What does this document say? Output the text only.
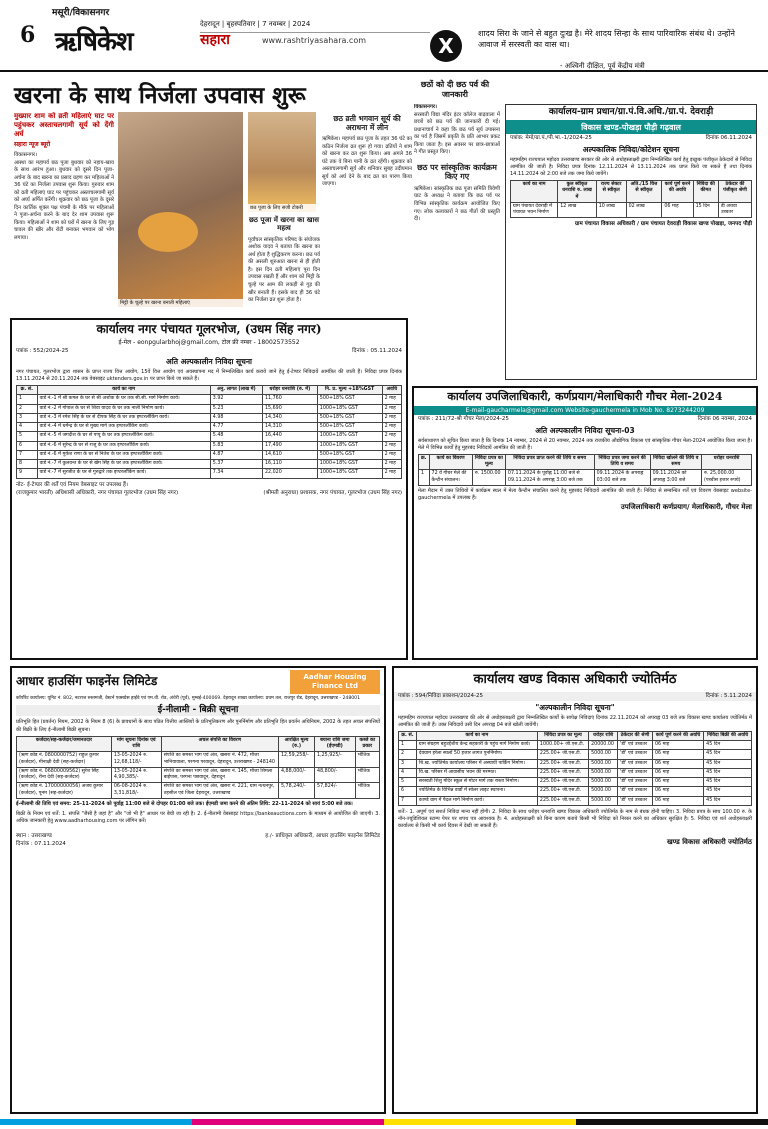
6
मसूरी/विकासनगर
ऋषिकेश
देहरादून | बृहस्पतिवार | 7 नवम्बर | 2024
सहारा	www.rashtriyasahara.com	X
शादय सिरा के जाने से बहुत दुःख है। मेरे शादय सिन्हा के साथ पारिवारिक संबंध थे। उन्होंने आवाज में सरस्वती का वास था।
- अश्विनी दीक्षित, पूर्व केंद्रीय मंत्री
खरना के साथ निर्जला उपवास शुरू	छठों को दी छठ पर्व की जानकारी
मुख्यार शाम को व्रती महिलाएं घाट पर पहुंचकर अस्ताचलगामी सूर्य को देंगी अर्घ
सहारा न्यूज ब्यूरो
विकासनगर।
आस्था का महापर्व छठ पूजा बुधवार को नहाय-खाय के साथ आरंभ हुआ। बुधवार को दूसरे दिन पूजा-अर्चना के बाद खरना का प्रसाद ग्रहण कर महिलाओं ने 36 घंटे का निर्जला उपवास शुरू किया। गुरुवार शाम को व्रती महिलाएं घाट पर पहुंचकर अस्ताचलगामी सूर्य को अर्घ्य अर्पित करेंगी। शुक्रवार को छठ पूजा के दूसरे दिन कार्तिक शुक्ल पक्ष पंचमी के मौके पर महिलाओं ने पूजा-अर्चना करने के बाद देर शाम उपवास शुरू किया। महिलाओं ने शाम को घरों में खरना के लिए गुड़ चावल की खीर और रोटी बनाकर भगवान को भोग लगाया।
मिट्टी के चूल्हे पर खरना बनाती महिलाएं
छठ पूजा के लिए सजी टोकरी
छठ व्रती भगवान सूर्य की अराधना में लीन
ऋषिकेश। महापर्व छठ पूजा के तहत 36 घंटे का कठिन निर्जला व्रत शुरू हो गया। व्रतियों ने शाम को खरना कर व्रत शुरू किया। अब अगले 36 घंटे तक वे बिना पानी के व्रत रहेंगी। शुक्रवार को अस्ताचलगामी सूर्य और शनिवार सुबह उदीयमान सूर्य को अर्घ देने के बाद व्रत का पारण किया जाएगा।
छठ पूजा में खरना का खास महत्व
पूर्वांचल सांस्कृतिक परिषद के संयोजक अशोक यादव ने बताया कि खरना का अर्थ होता है शुद्धिकरण करना। छठ पर्व की असली शुरुआत खरना से ही होती है। इस दिन व्रती महिलाएं पूरा दिन उपवास रखती हैं और शाम को मिट्टी के चूल्हे पर आम की लकड़ी से गुड़ की खीर बनाती हैं। इसके बाद ही 36 घंटे का निर्जला व्रत शुरू होता है।
विकासनगर।
सरस्वती विद्या मंदिर इंटर कॉलेज बाढ़वाला में छात्रों को छठ पर्व की जानकारी दी गई। प्रधानाचार्य ने कहा कि छठ पर्व सूर्य उपासना का पर्व है जिसमें प्रकृति के प्रति आभार प्रकट किया जाता है। इस अवसर पर छात्र-छात्राओं ने गीत प्रस्तुत किए।
छठ पर सांस्कृतिक कार्यक्रम किए गए
ऋषिकेश। सांस्कृतिक छठ पूजा समिति त्रिवेणी घाट के अध्यक्ष ने बताया कि छठ पर्व पर विभिन्न सांस्कृतिक कार्यक्रम आयोजित किए गए। लोक कलाकारों ने छठ गीतों की प्रस्तुति दी।
कार्यालय-ग्राम प्रधान/ग्रा.पं.वि.अधि./ग्रा.पं. देवराड़ी
विकास खण्ड-पोखड़ा पौड़ी गढ़वाल
पत्रांक: मेमो/ग्रा.पं./पी.भा.-1/2024-25	दिनांक 06.11.2024
अल्पकालिक निविदा/कोटेशन सूचना
महामहिम राज्यपाल महोदय उत्तराखण्ड सरकार की ओर से अधोहस्ताक्षरी द्वारा निम्नलिखित कार्य हेतु इच्छुक पंजीकृत ठेकेदारों से निविदा आमंत्रित की जाती है। निविदा प्रपत्र दिनांक 12.11.2024 से 13.11.2024 तक प्राप्त किये जा सकते हैं तथा दिनांक 14.11.2024 को 2:00 बजे तक जमा किये जायेंगे।
कार्य का नाम	कुल स्वीकृत धनराशि रु. लाख में	राज्य सेक्टर से स्वीकृत	अति./15 वित्त से स्वीकृत	कार्य पूर्ण करने की अवधि	निविदा की कीमत	ठेकेदार की पंजीकृत श्रेणी
ग्राम पंचायत देवराड़ी में पंचायत भवन निर्माण	12 लाख	10 लाख	02 लाख	06 माह	15 दिन	डी अथवा उच्चतर
ग्राम पंचायत विकास अधिकारी / ग्राम पंचायत देवराड़ी विकास खण्ड पोखड़ा, जनपद पौड़ी
कार्यालय नगर पंचायत गूलरभोज, (उधम सिंह नगर)
ई-मेल - eonpgularbhoj@gmail.com, टोल फ्री नम्बर - 18002573552
पत्रांक : 552/2024-25	दिनांक : 05.11.2024
अति अल्पकालीन निविदा सूचना
नगर पंचायत, गूलरभोज द्वारा शासन के प्राप्त राज्य वित्त आयोग, 15वें वित्त आयोग एवं अवस्थापना मद में निम्नलिखित कार्य कराये जाने हेतु ई-टेण्डर निविदायें आमंत्रित की जाती हैं। निविदा प्रपत्र दिनांक 13.11.2024 से 20.11.2024 तक वेबसाइट uktenders.gov.in पर प्राप्त किये जा सकते हैं।
क्र. सं.	कार्य का नाम	अनु. लागत (लाख में)	धरोहर धनराशि (रु. में)	नि. प्र. मूल्य +18%GST	अवधि
1	वार्ड नं.-1 में श्री कमल के घर से श्री अशोक के घर तक सी.सी. मार्ग निर्माण कार्य।	3.92	11,760	500+18% GST	2 माह
2	वार्ड नं.-2 में गोपाल के घर से शिवा यादव के घर तक नाली निर्माण कार्य।	5.23	15,690	1000+18% GST	2 माह
3	वार्ड नं.-3 में रमेश सिंह के घर से दीपक सिंह के घर तक इण्टरलॉकिंग कार्य।	4.98	14,340	500+18% GST	2 माह
4	वार्ड नं.-4 में धर्मेन्द्र के घर से मुख्य मार्ग तक इण्टरलॉकिंग कार्य।	4.77	14,310	500+18% GST	2 माह
5	वार्ड नं.-5 में जगदीश के घर से पप्पू के घर तक इण्टरलॉकिंग कार्य।	5.48	16,440	1000+18% GST	2 माह
6	वार्ड नं.-6 में सुरेन्द्र के घर से राजू के घर तक इण्टरलॉकिंग कार्य।	5.83	17,490	1000+18% GST	2 माह
7	वार्ड नं.-6 में मुकेश राणा के घर से नितेश के घर तक इण्टरलॉकिंग कार्य।	4.87	14,610	500+18% GST	2 माह
8	वार्ड नं.-7 में कुलवन्त के घर से खेम सिंह के घर तक इण्टरलॉकिंग कार्य।	5.37	16,110	1000+18% GST	2 माह
9	वार्ड नं.-7 में सुरजीत के घर से गुरुद्वारे तक इण्टरलॉकिंग कार्य।	7.34	22,020	1000+18% GST	2 माह
नोट- ई-टेण्डर की शर्तें एवं नियम वेबसाइट पर उपलब्ध हैं।
(राजकुमार भारती) अधिशासी अधिकारी, नगर पंचायत गूलरभोज (उधम सिंह नगर)	(श्रीमती अनुराधा) प्रशासक, नगर पंचायत, गूलरभोज (उधम सिंह नगर)
कार्यालय उपजिलाधिकारी, कर्णप्रयाग/मेलाधिकारी गौचर मेला-2024
E-mail-gaucharmela@gmail.com Website-gauchermela in Mob No. 8273244209
पत्रांक : 211/72-श्री गौचर मेला/2024-25	दिनांक 06 नवम्बर, 2024
अति अल्पकालीन निविदा सूचना-03
सर्वसाधारण को सूचित किया जाता है कि दिनांक 14 नवम्बर, 2024 से 20 नवम्बर, 2024 तक राजकीय औद्योगिक विकास एवं सांस्कृतिक गौचर मेला-2024 आयोजित किया जाना है। मेले में विभिन्न कार्यों हेतु मुहरबंद निविदायें आमंत्रित की जाती हैं।
क्र.	कार्य का विवरण	निविदा प्रपत्र का मूल्य	निविदा प्रपत्र प्राप्त करने की तिथि व समय	निविदा प्रपत्र जमा करने की तिथि व समय	निविदा खोलने की तिथि व समय	धरोहर धनराशि
1	72 वें गौचर मेले की कैन्टीन संचालन।	रु. 1500.00	07.11.2024 के पूर्वाह्न 11:00 बजे से 09.11.2024 के अपराह्न 3:00 बजे तक	09.11.2024 के अपराह्न 03:00 बजे तक	09.11.2024 को अपराह्न 3:00 बजे	रु. 25,000.00 (पच्चीस हजार रुपये)
मेला मैदान में उक्त तिथियों में कार्यक्रम स्थल में मेला कैन्टीन संचालित करने हेतु मुहरबंद निविदायें आमंत्रित की जाती हैं। निविदा से सम्बन्धित शर्तें एवं विवरण वेबसाइट website-gauchermela में उपलब्ध हैं।
उपजिलाधिकारी कर्णप्रयाग/ मेलाधिकारी, गौचर मेला
आधार हाउसिंग फाइनेंस लिमिटेड	Aadhar Housing Finance Ltd
कॉर्पोरेट कार्यालय: यूनिट नं. 802, नटराज रुस्तमजी, वेस्टर्न एक्सप्रेस हाईवे एवं एम.वी. रोड, अंधेरी (पूर्व), मुम्बई-400069. देहरादून शाखा कार्यालय: प्रथम तल, राजपुर रोड, देहरादून, उत्तराखण्ड - 248001
ई-नीलामी - बिक्री सूचना
प्रतिभूति हित (प्रवर्तन) नियम, 2002 के नियम 8 (6) के प्रावधानों के साथ पठित वित्तीय आस्तियों के प्रतिभूतिकरण और पुनर्निर्माण और प्रतिभूति हित प्रवर्तन अधिनियम, 2002 के तहत अचल संपत्तियों की बिक्री के लिए ई-नीलामी बिक्री सूचना।
कर्जदार/सह-कर्जदार/जमानतदार	मांग सूचना दिनांक एवं राशि	अचल संपत्ति का विवरण	आरक्षित मूल्य (रु.)	बयाना राशि जमा (ईएमडी)	कब्जे का प्रकार
(ऋण कोड नं. 0800000752) राहुल कुमार (कर्जदार), मीनाक्षी देवी (सह-कर्जदार)	13-05-2024 रु. 12,68,118/-	संपत्ति का समस्त भाग एवं अंश, खसरा नं. 472, मौजा भानियावाला, परगना परवादून, देहरादून, उत्तराखण्ड - 248140	12,59,258/-	1,25,925/-	भौतिक
(ऋण कोड नं. 06800009562) सुरेश सिंह (कर्जदार), रीना देवी (सह-कर्जदार)	13-05-2024 रु. 4,90,385/-	संपत्ति का समस्त भाग एवं अंश, खसरा नं. 145, मौजा शिमला बाईपास, परगना पछवादून, देहरादून	4,88,000/-	48,800/-	भौतिक
(ऋण कोड नं. 17000000056) अजय कुमार (कर्जदार), पूनम (सह-कर्जदार)	06-08-2024 रु. 3,31,818/-	संपत्ति का समस्त भाग एवं अंश, खसरा नं. 221, ग्राम नत्थनपुर, तहसील एवं जिला देहरादून, उत्तराखण्ड	5,78,240/-	57,824/-	भौतिक
ई-नीलामी की तिथि एवं समय: 25-11-2024 को पूर्वाह्न 11:00 बजे से दोपहर 01:00 बजे तक। ईएमडी जमा करने की अंतिम तिथि: 22-11-2024 को सायं 5:00 बजे तक।
बिक्री के नियम एवं शर्तें: 1. संपत्ति "जैसी है जहां है" और "जो भी है" आधार पर बेची जा रही है। 2. ई-नीलामी वेबसाइट https://bankeauctions.com के माध्यम से आयोजित की जाएगी। 3. अधिक जानकारी हेतु www.aadharhousing.com पर लॉगिन करें।
स्थान : उत्तराखण्ड
दिनांक : 07.11.2024
ह./- प्राधिकृत अधिकारी, आधार हाउसिंग फाइनेंस लिमिटेड
कार्यालय खण्ड विकास अधिकारी ज्योतिर्मठ
पत्रांक : 594/निविदा प्रकाशन/2024-25	दिनांक : 5.11.2024
"अल्पकालीन निविदा सूचना"
महामहिम राज्यपाल महोदय उत्तराखण्ड की ओर से अधोहस्ताक्षरी द्वारा निम्नलिखित कार्यों के सापेक्ष निविदाएं दिनांक 22.11.2024 को अपराह्न 03 बजे तक विकास खण्ड कार्यालय ज्योतिर्मठ में आमंत्रित की जाती हैं। उक्त निविदायें उसी दिन अपराह्न 04 बजे खोली जायेंगी।
क्र. सं.	कार्य का नाम	निविदा प्रपत्र का मूल्य	धरोहर राशि	ठेकेदार की श्रेणी	कार्य पूर्ण करने की अवधि	निविदा बिक्री की अवधि
1	ग्राम संग्रहण बहुउद्देशीय केन्द्र सहकारी के पहुंच मार्ग निर्माण कार्य।	1000.00+ जी.एस.टी.	20000.00	'डी' एवं उच्चतर	06 माह	45 दिन
2	देवग्राम हरेला स्थलों 50 हजार लागत पुनर्निर्माण।	225.00+ जी.एस.टी.	5000.00	'डी' एवं उच्चतर	06 माह	45 दिन
3	चि.ख. ज्योतिर्मठ कार्यालय परिसर में अस्थायी पार्किंग निर्माण।	225.00+ जी.एस.टी.	5000.00	'डी' एवं उच्चतर	06 माह	45 दिन
4	वि.ख. परिसर में आवासीय भवन की मरम्मत।	225.00+ जी.एस.टी.	5000.00	'डी' एवं उच्चतर	06 माह	45 दिन
5	सरस्वती शिशु मंदिर स्कूल से मोटर मार्ग तक रास्ता निर्माण।	225.00+ जी.एस.टी.	5000.00	'डी' एवं उच्चतर	06 माह	45 दिन
6	ज्योतिर्मठ के विभिन्न वार्डों में सोलर लाइट स्थापना।	225.00+ जी.एस.टी.	5000.00	'डी' एवं उच्चतर	06 माह	45 दिन
7	काण्डे ग्राम में पैदल मार्ग निर्माण कार्य।	225.00+ जी.एस.टी.	5000.00	'डी' एवं उच्चतर	06 माह	45 दिन
शर्तें:- 1. अपूर्ण एवं सशर्त निविदा मान्य नहीं होगी। 2. निविदा के साथ धरोहर धनराशि खण्ड विकास अधिकारी ज्योतिर्मठ के नाम से बंधक होनी चाहिए। 3. निविदा प्रपत्र के साथ 100.00 रु. के नॉन-ज्यूडिशियल स्टाम्प पेपर पर शपथ पत्र आवश्यक है। 4. अधोहस्ताक्षरी को बिना कारण बताये किसी भी निविदा को निरस्त करने का अधिकार सुरक्षित है। 5. निविदा एवं शर्त अधोहस्ताक्षरी कार्यालय से किसी भी कार्य दिवस में देखी जा सकती हैं।
खण्ड विकास अधिकारी ज्योतिर्मठ
